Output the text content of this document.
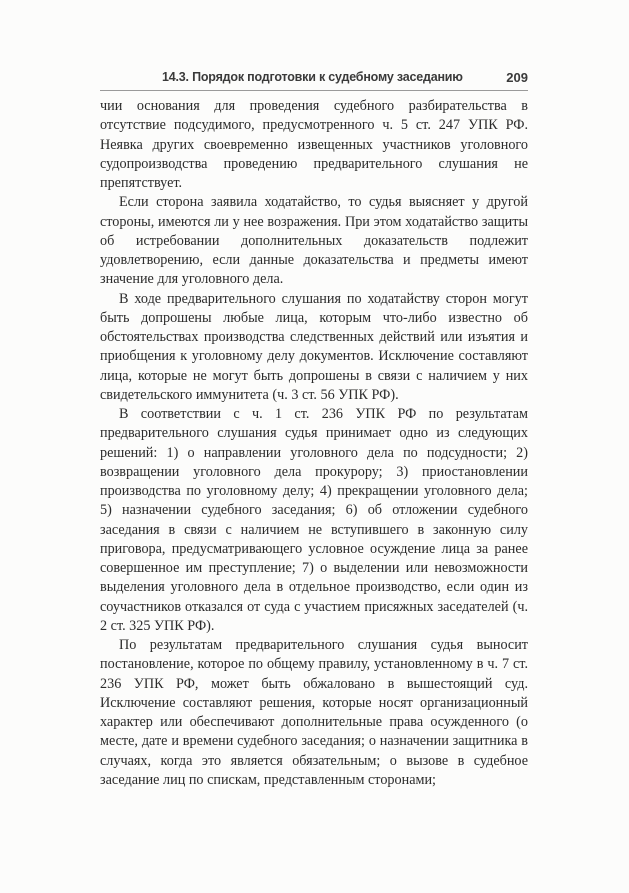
14.3. Порядок подготовки к судебному заседанию	209

чии основания для проведения судебного разбирательства в отсутствие подсудимого, предусмотренного ч. 5 ст. 247 УПК РФ. Неявка других своевременно извещенных участников уголовного судопроизводства проведению предварительного слушания не препятствует.

Если сторона заявила ходатайство, то судья выясняет у другой стороны, имеются ли у нее возражения. При этом ходатайство защиты об истребовании дополнительных доказательств подлежит удовлетворению, если данные доказательства и предметы имеют значение для уголовного дела.

В ходе предварительного слушания по ходатайству сторон могут быть допрошены любые лица, которым что-либо известно об обстоятельствах производства следственных действий или изъятия и приобщения к уголовному делу документов. Исключение составляют лица, которые не могут быть допрошены в связи с наличием у них свидетельского иммунитета (ч. 3 ст. 56 УПК РФ).

В соответствии с ч. 1 ст. 236 УПК РФ по результатам предварительного слушания судья принимает одно из следующих решений: 1) о направлении уголовного дела по подсудности; 2) возвращении уголовного дела прокурору; 3) приостановлении производства по уголовному делу; 4) прекращении уголовного дела; 5) назначении судебного заседания; 6) об отложении судебного заседания в связи с наличием не вступившего в законную силу приговора, предусматривающего условное осуждение лица за ранее совершенное им преступление; 7) о выделении или невозможности выделения уголовного дела в отдельное производство, если один из соучастников отказался от суда с участием присяжных заседателей (ч. 2 ст. 325 УПК РФ).

По результатам предварительного слушания судья выносит постановление, которое по общему правилу, установленному в ч. 7 ст. 236 УПК РФ, может быть обжаловано в вышестоящий суд. Исключение составляют решения, которые носят организационный характер или обеспечивают дополнительные права осужденного (о месте, дате и времени судебного заседания; о назначении защитника в случаях, когда это является обязательным; о вызове в судебное заседание лиц по спискам, представленным сторонами;
